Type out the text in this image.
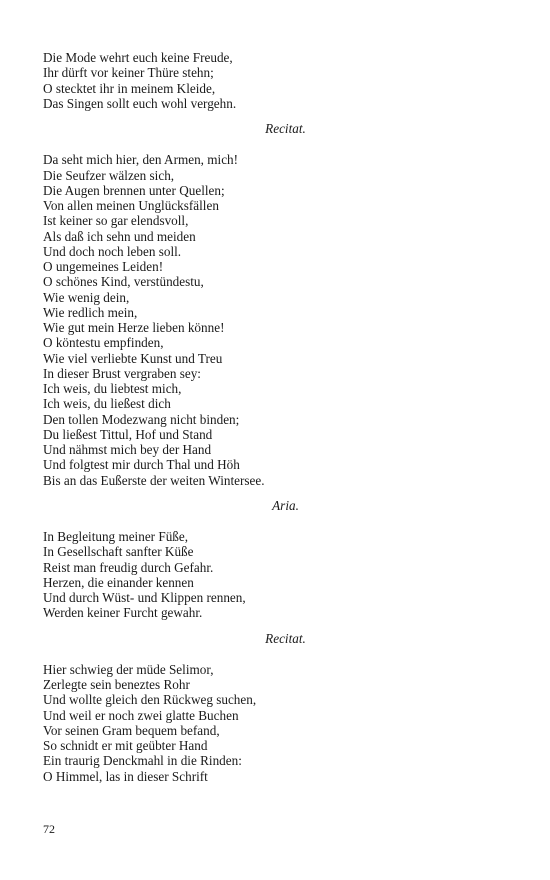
Die Mode wehrt euch keine Freude,
Ihr dürft vor keiner Thüre stehn;
O stecktet ihr in meinem Kleide,
Das Singen sollt euch wohl vergehn.
Recitat.
Da seht mich hier, den Armen, mich!
Die Seufzer wälzen sich,
Die Augen brennen unter Quellen;
Von allen meinen Unglücksfällen
Ist keiner so gar elendsvoll,
Als daß ich sehn und meiden
Und doch noch leben soll.
O ungemeines Leiden!
O schönes Kind, verstündestu,
Wie wenig dein,
Wie redlich mein,
Wie gut mein Herze lieben könne!
O köntestu empfinden,
Wie viel verliebte Kunst und Treu
In dieser Brust vergraben sey:
Ich weis, du liebtest mich,
Ich weis, du ließest dich
Den tollen Modezwang nicht binden;
Du ließest Tittul, Hof und Stand
Und nähmst mich bey der Hand
Und folgtest mir durch Thal und Höh
Bis an das Eußerste der weiten Wintersee.
Aria.
In Begleitung meiner Füße,
In Gesellschaft sanfter Küße
Reist man freudig durch Gefahr.
Herzen, die einander kennen
Und durch Wüst- und Klippen rennen,
Werden keiner Furcht gewahr.
Recitat.
Hier schwieg der müde Selimor,
Zerlegte sein beneztes Rohr
Und wollte gleich den Rückweg suchen,
Und weil er noch zwei glatte Buchen
Vor seinen Gram bequem befand,
So schnidt er mit geübter Hand
Ein traurig Denckmahl in die Rinden:
O Himmel, las in dieser Schrift
72
